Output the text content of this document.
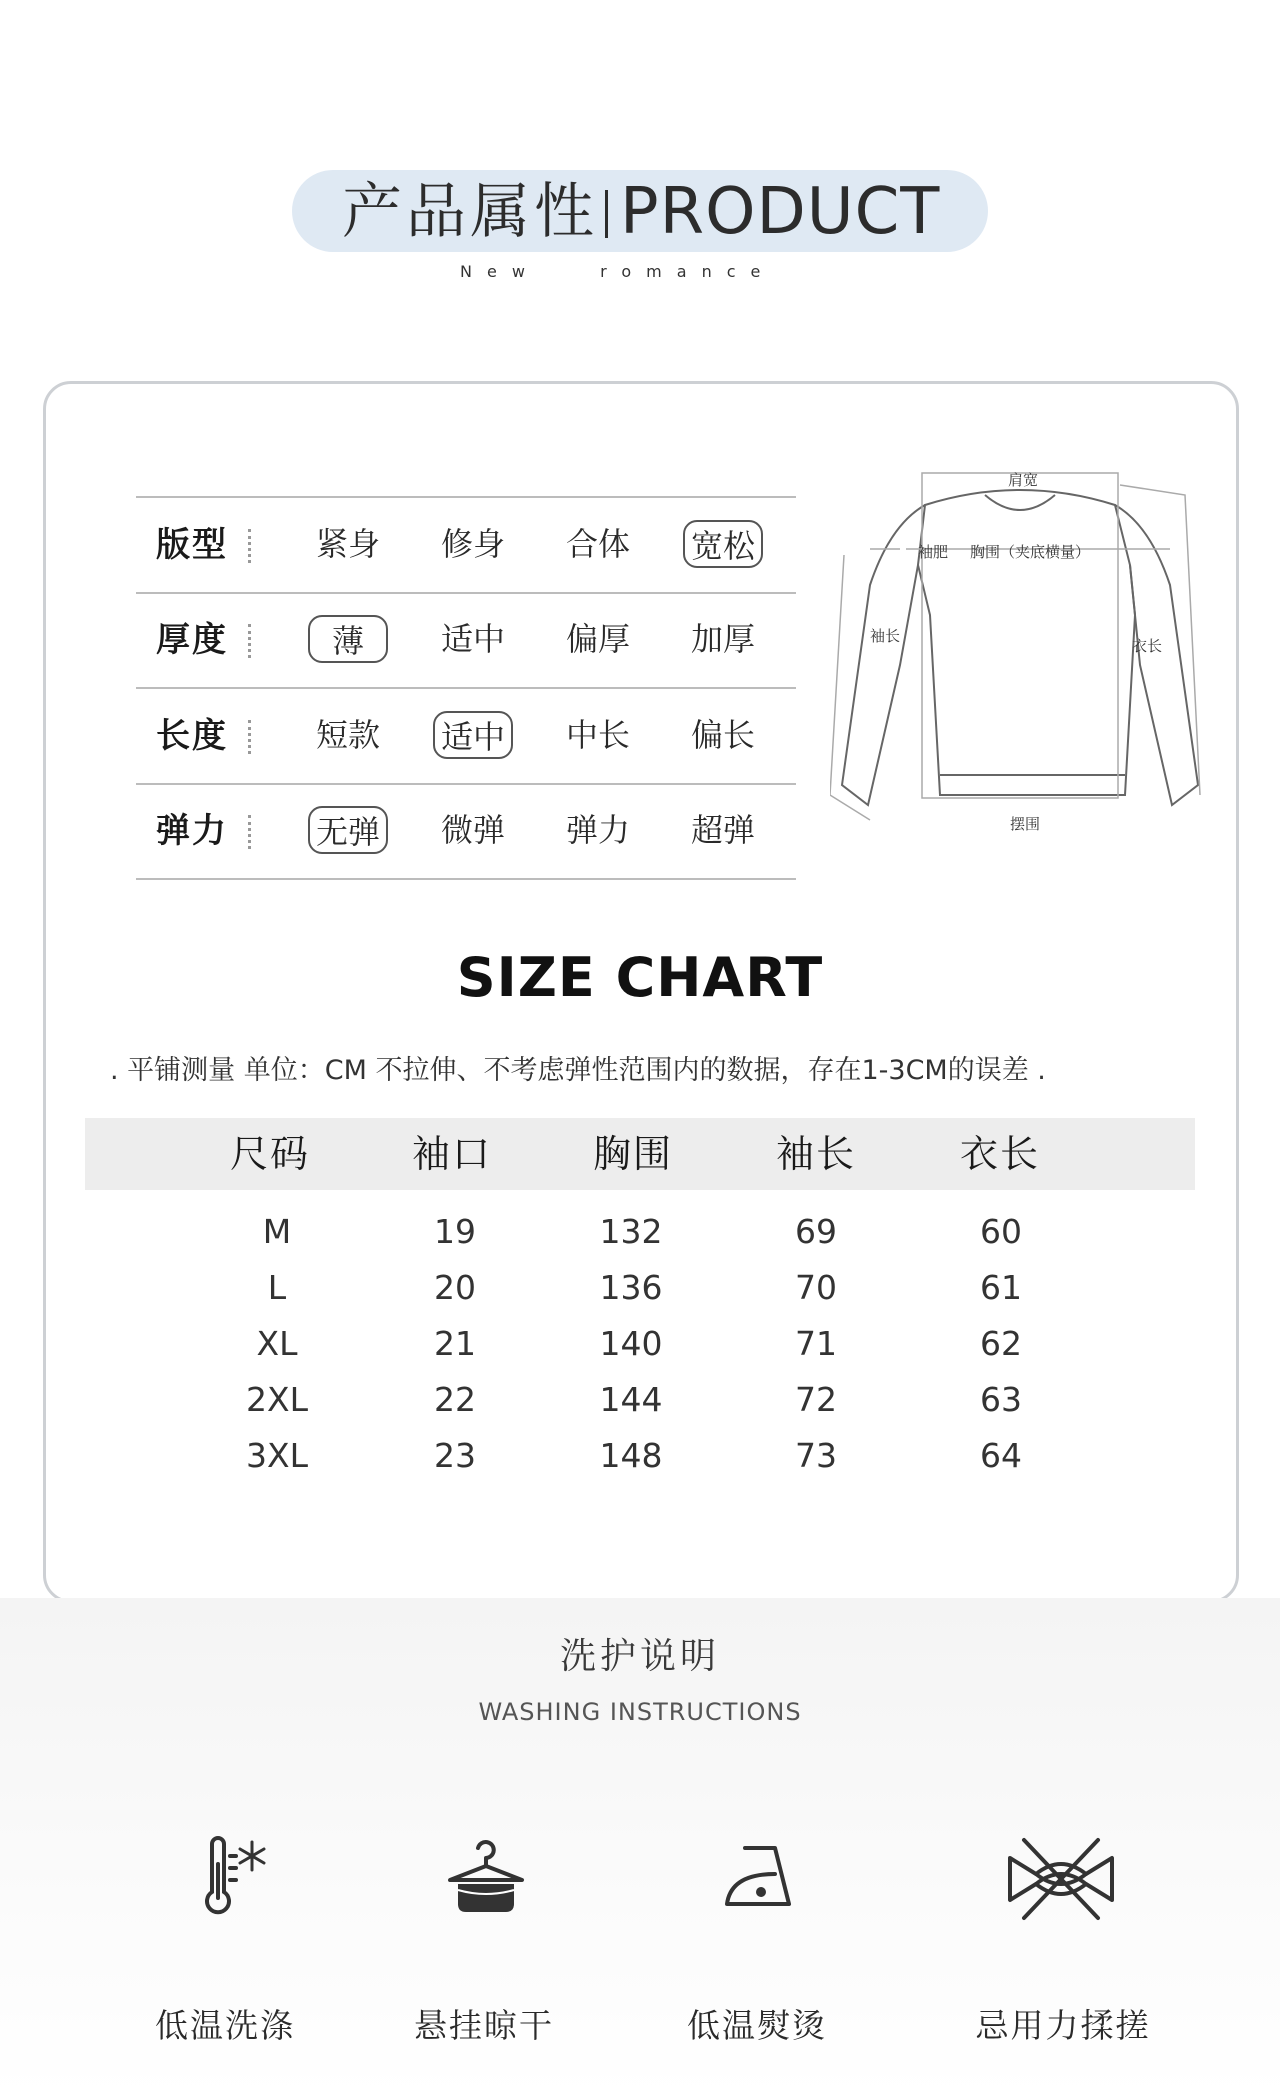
产品属性 PRODUCT
New   romance
版型	紧身 修身 合体 宽松
厚度	薄	适中 偏厚 加厚
长度	短款 适中 中长 偏长
弹力	无弹 微弹 弹力 超弹
肩宽
袖肥 胸围（夹底横量）
袖长
衣长
摆围
SIZE CHART
. 平铺测量 单位：CM 不拉伸、不考虑弹性范围内的数据，存在1-3CM的误差 .
尺码	袖口	胸围	袖长	衣长
M	19	132	69	60
L	20	136	70	61
XL	21	140	71	62
2XL	22	144	72	63
3XL	23	148	73	64
洗护说明
WASHING INSTRUCTIONS
低温洗涤	悬挂晾干	低温熨烫	忌用力揉搓
